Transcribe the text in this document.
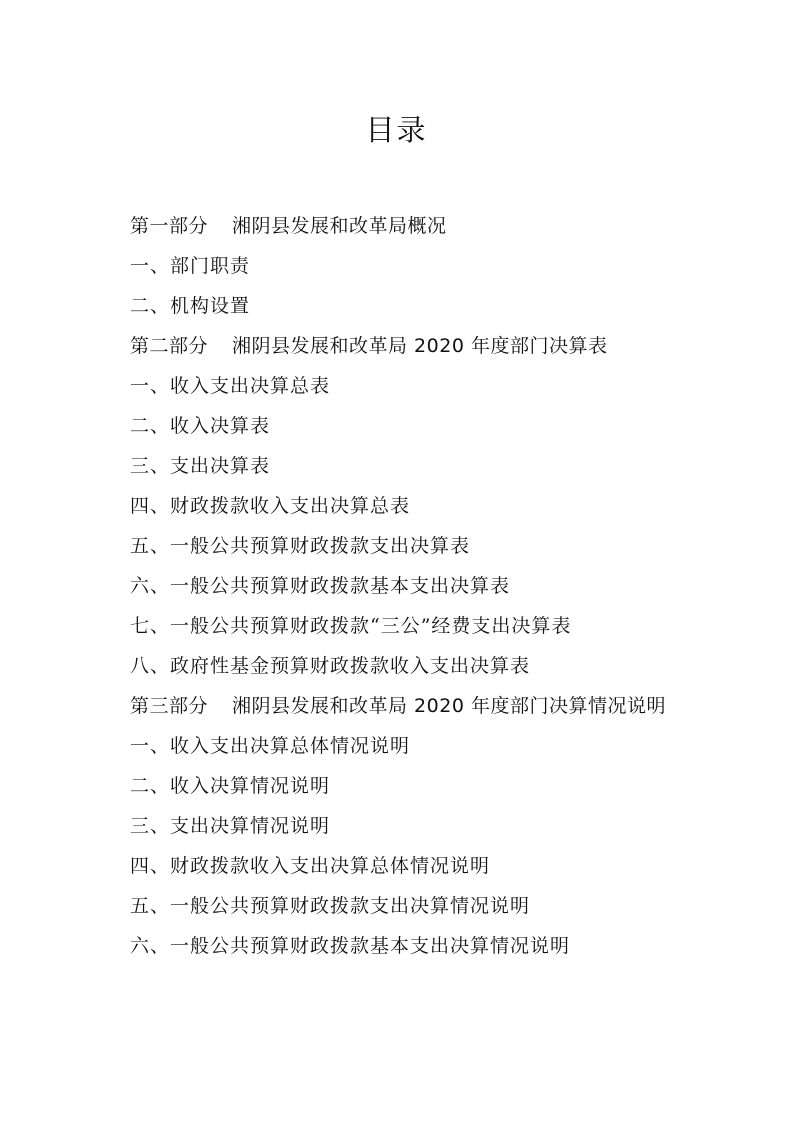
目录
第一部分 湘阴县发展和改革局概况
一、部门职责
二、机构设置
第二部分 湘阴县发展和改革局 2020 年度部门决算表
一、收入支出决算总表
二、收入决算表
三、支出决算表
四、财政拨款收入支出决算总表
五、一般公共预算财政拨款支出决算表
六、一般公共预算财政拨款基本支出决算表
七、一般公共预算财政拨款“三公”经费支出决算表
八、政府性基金预算财政拨款收入支出决算表
第三部分 湘阴县发展和改革局 2020 年度部门决算情况说明
一、收入支出决算总体情况说明
二、收入决算情况说明
三、支出决算情况说明
四、财政拨款收入支出决算总体情况说明
五、一般公共预算财政拨款支出决算情况说明
六、一般公共预算财政拨款基本支出决算情况说明
